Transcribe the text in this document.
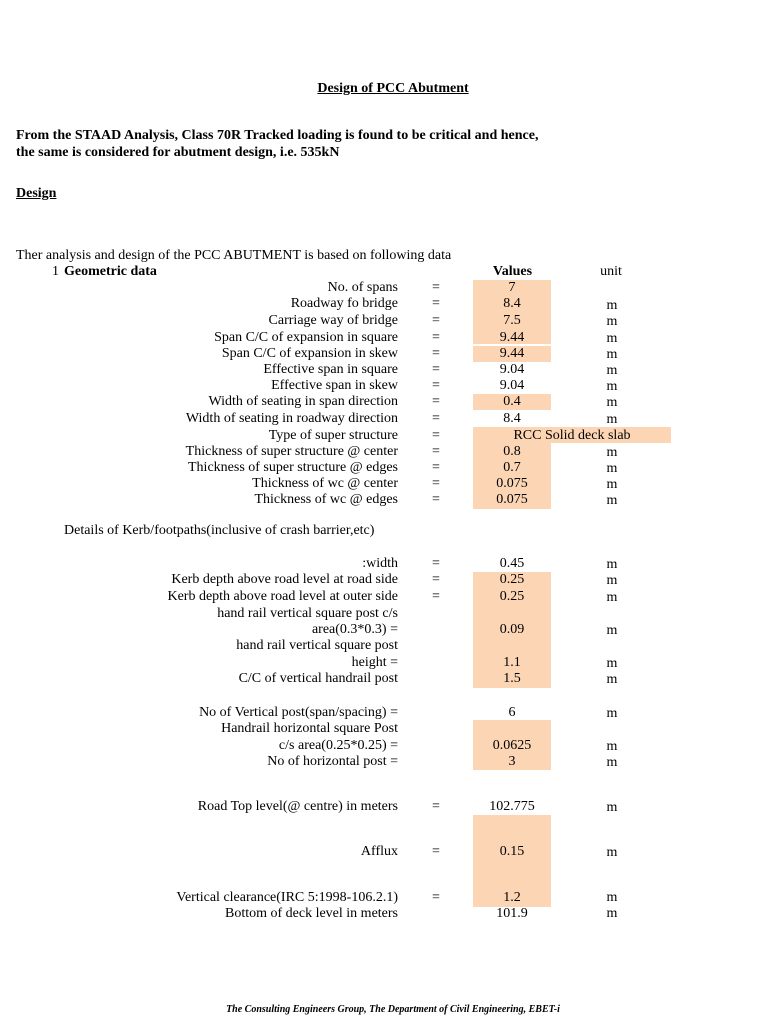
Design of PCC Abutment
From the STAAD Analysis, Class 70R Tracked loading is found to be critical and hence, the same is considered for abutment design, i.e. 535kN
Design
Ther analysis and design of the PCC ABUTMENT is based on following data
1 Geometric data	Values	unit
No. of spans =	7
Roadway fo bridge =	8.4	m
Carriage way of bridge =	7.5	m
Span C/C of expansion in square =	9.44	m
Span C/C of expansion in skew =	9.44	m
Effective span in square =	9.04	m
Effective span in skew =	9.04	m
Width of seating in span direction =	0.4	m
Width of seating in roadway direction =	8.4	m
Type of super structure =	RCC Solid deck slab
Thickness of super structure @ center =	0.8	m
Thickness of super structure @ edges =	0.7	m
Thickness of wc @ center =	0.075	m
Thickness of wc @ edges =	0.075	m
Details of Kerb/footpaths(inclusive of crash barrier,etc)
:width =	0.45	m
Kerb depth above road level at road side =	0.25	m
Kerb depth above road level at outer side =	0.25	m
hand rail vertical square post c/s
area(0.3*0.3) =	0.09	m
hand rail vertical square post
height =	1.1	m
C/C of vertical handrail post	1.5	m
No of Vertical post(span/spacing) =	6	m
Handrail horizontal square Post
c/s area(0.25*0.25) =	0.0625	m
No of horizontal post =	3	m
Road Top level(@ centre) in meters =	102.775	m
Afflux =	0.15	m
Vertical clearance(IRC 5:1998-106.2.1) =	1.2	m
Bottom of deck level in meters	101.9	m
The Consulting Engineers Group, The Department of Civil Engineering, EBET-i
